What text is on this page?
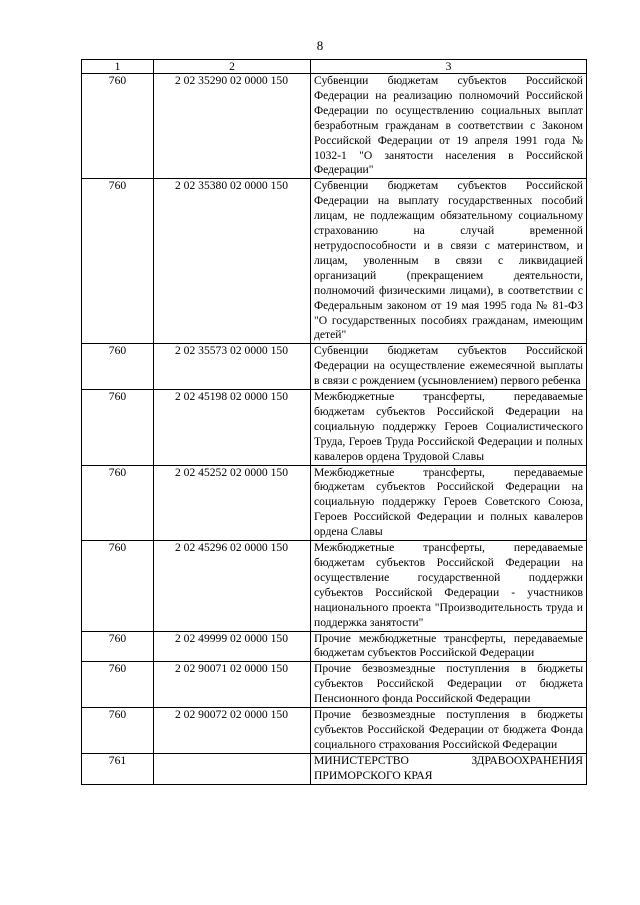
8
1	2	3
760	2 02 35290 02 0000 150	Субвенции бюджетам субъектов Российской Федерации на реализацию полномочий Российской Федерации по осуществлению социальных выплат безработным гражданам в соответствии с Законом Российской Федерации от 19 апреля 1991 года № 1032-1 "О занятости населения в Российской Федерации"
760	2 02 35380 02 0000 150	Субвенции бюджетам субъектов Российской Федерации на выплату государственных пособий лицам, не подлежащим обязательному социальному страхованию на случай временной нетрудоспособности и в связи с материнством, и лицам, уволенным в связи с ликвидацией организаций (прекращением деятельности, полномочий физическими лицами), в соответствии с Федеральным законом от 19 мая 1995 года № 81-ФЗ "О государственных пособиях гражданам, имеющим детей"
760	2 02 35573 02 0000 150	Субвенции бюджетам субъектов Российской Федерации на осуществление ежемесячной выплаты в связи с рождением (усыновлением) первого ребенка
760	2 02 45198 02 0000 150	Межбюджетные трансферты, передаваемые бюджетам субъектов Российской Федерации на социальную поддержку Героев Социалистического Труда, Героев Труда Российской Федерации и полных кавалеров ордена Трудовой Славы
760	2 02 45252 02 0000 150	Межбюджетные трансферты, передаваемые бюджетам субъектов Российской Федерации на социальную поддержку Героев Советского Союза, Героев Российской Федерации и полных кавалеров ордена Славы
760	2 02 45296 02 0000 150	Межбюджетные трансферты, передаваемые бюджетам субъектов Российской Федерации на осуществление государственной поддержки субъектов Российской Федерации - участников национального проекта "Производительность труда и поддержка занятости"
760	2 02 49999 02 0000 150	Прочие межбюджетные трансферты, передаваемые бюджетам субъектов Российской Федерации
760	2 02 90071 02 0000 150	Прочие безвозмездные поступления в бюджеты субъектов Российской Федерации от бюджета Пенсионного фонда Российской Федерации
760	2 02 90072 02 0000 150	Прочие безвозмездные поступления в бюджеты субъектов Российской Федерации от бюджета Фонда социального страхования Российской Федерации
761		МИНИСТЕРСТВО ЗДРАВООХРАНЕНИЯ ПРИМОРСКОГО КРАЯ
